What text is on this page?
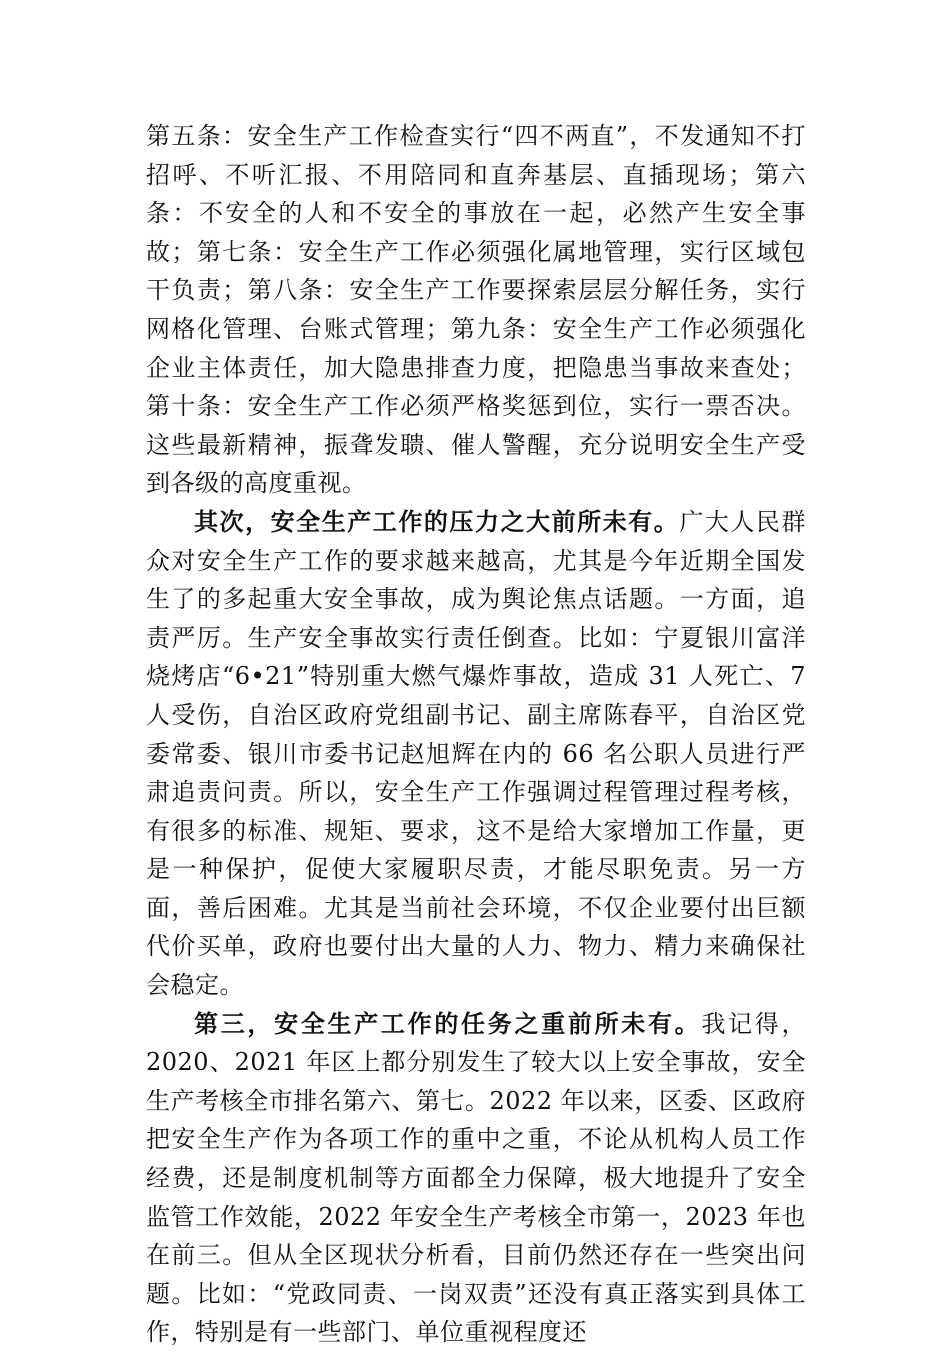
第五条：安全生产工作检查实行“四不两直”，不发通知不打招呼、不听汇报、不用陪同和直奔基层、直插现场；第六条：不安全的人和不安全的事放在一起，必然产生安全事故；第七条：安全生产工作必须强化属地管理，实行区域包干负责；第八条：安全生产工作要探索层层分解任务，实行网格化管理、台账式管理；第九条：安全生产工作必须强化企业主体责任，加大隐患排查力度，把隐患当事故来查处；第十条：安全生产工作必须严格奖惩到位，实行一票否决。这些最新精神，振聋发聩、催人警醒，充分说明安全生产受到各级的高度重视。

其次，安全生产工作的压力之大前所未有。广大人民群众对安全生产工作的要求越来越高，尤其是今年近期全国发生了的多起重大安全事故，成为舆论焦点话题。一方面，追责严厉。生产安全事故实行责任倒查。比如：宁夏银川富洋烧烤店“6•21”特别重大燃气爆炸事故，造成 31 人死亡、7 人受伤，自治区政府党组副书记、副主席陈春平，自治区党委常委、银川市委书记赵旭辉在内的 66 名公职人员进行严肃追责问责。所以，安全生产工作强调过程管理过程考核，有很多的标准、规矩、要求，这不是给大家增加工作量，更是一种保护，促使大家履职尽责，才能尽职免责。另一方面，善后困难。尤其是当前社会环境，不仅企业要付出巨额代价买单，政府也要付出大量的人力、物力、精力来确保社会稳定。

第三，安全生产工作的任务之重前所未有。我记得，2020、2021 年区上都分别发生了较大以上安全事故，安全生产考核全市排名第六、第七。2022 年以来，区委、区政府把安全生产作为各项工作的重中之重，不论从机构人员工作经费，还是制度机制等方面都全力保障，极大地提升了安全监管工作效能，2022 年安全生产考核全市第一，2023 年也在前三。但从全区现状分析看，目前仍然还存在一些突出问题。比如：“党政同责、一岗双责”还没有真正落实到具体工作，特别是有一些部门、单位重视程度还
